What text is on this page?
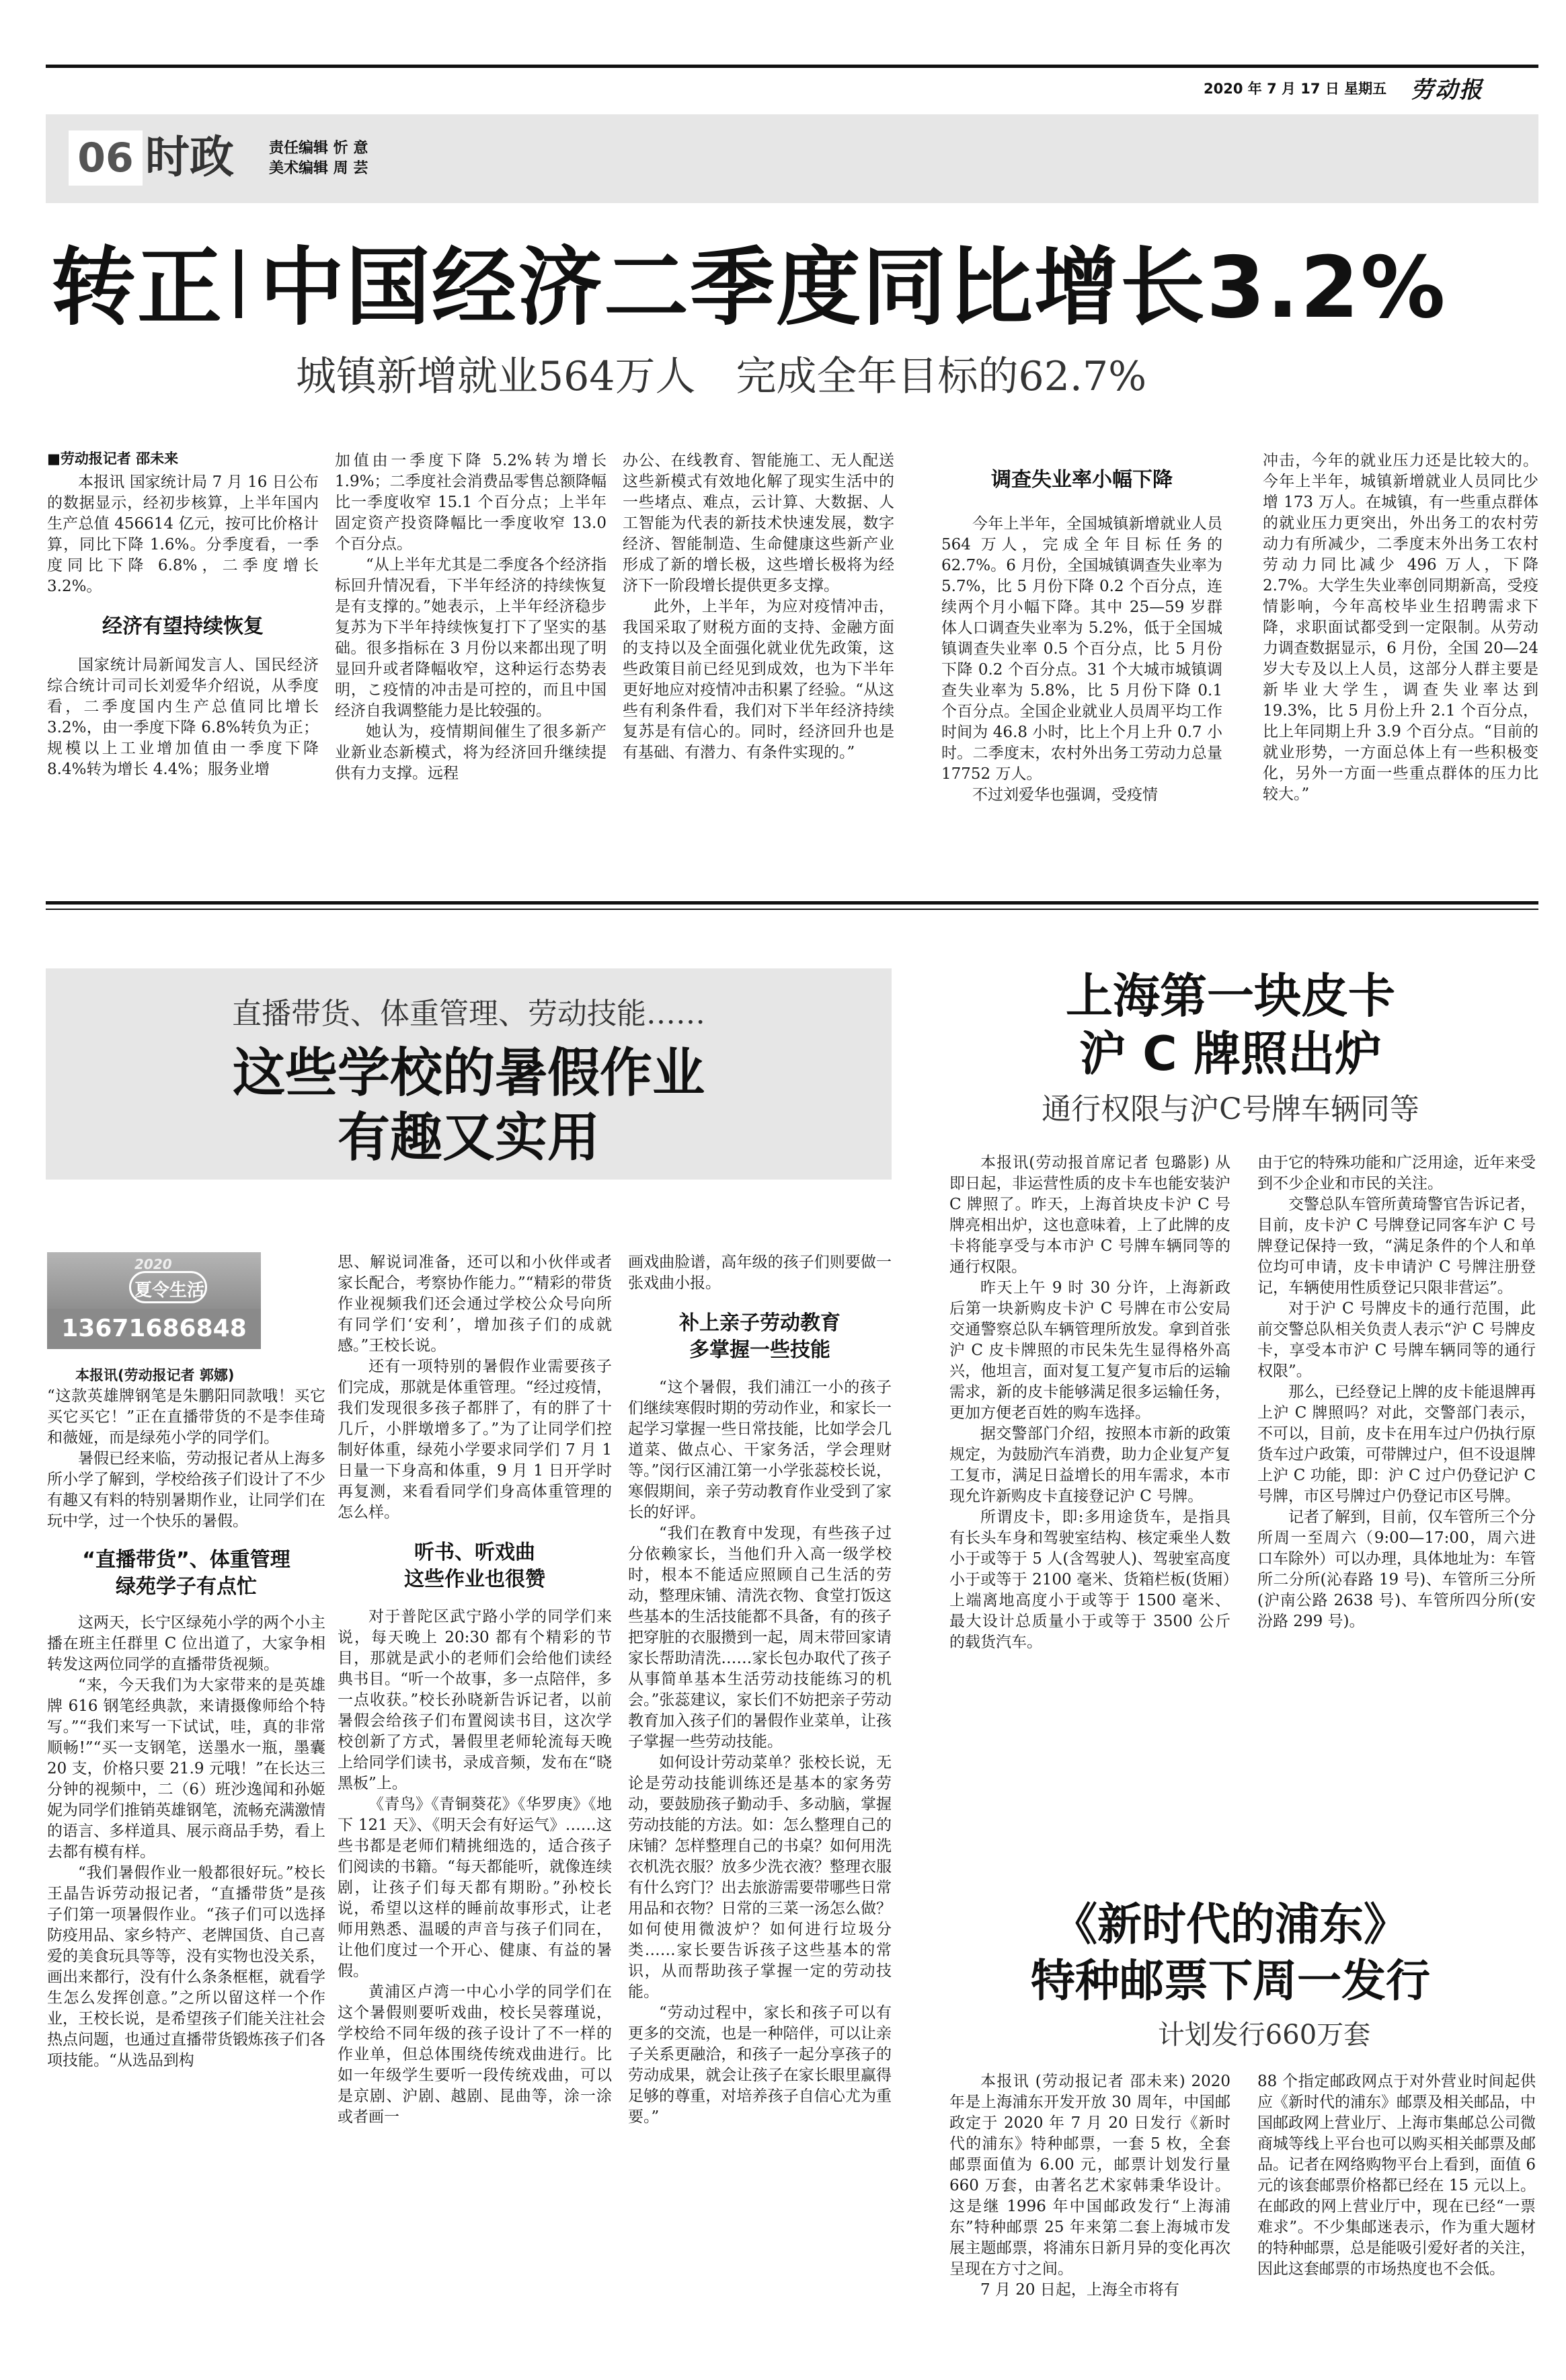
2020 年 7 月 17 日 星期五 劳动报
06 时政 责任编辑 忻 意
美术编辑 周 芸
转正 中国经济二季度同比增长3.2%
城镇新增就业564万人　完成全年目标的62.7%
■劳动报记者 邵未来

本报讯 国家统计局 7 月 16 日公布的数据显示，经初步核算，上半年国内生产总值 456614 亿元，按可比价格计算，同比下降 1.6%。分季度看，一季度同比下降 6.8%，二季度增长 3.2%。

经济有望持续恢复

国家统计局新闻发言人、国民经济综合统计司司长刘爱华介绍说，从季度看，二季度国内生产总值同比增长 3.2%，由一季度下降 6.8%转负为正；规模以上工业增加值由一季度下降 8.4%转为增长 4.4%；服务业增

加值由一季度下降 5.2%转为增长 1.9%；二季度社会消费品零售总额降幅比一季度收窄 15.1 个百分点；上半年固定资产投资降幅比一季度收窄 13.0 个百分点。

“从上半年尤其是二季度各个经济指标回升情况看，下半年经济的持续恢复是有支撑的。”她表示，上半年经济稳步复苏为下半年持续恢复打下了坚实的基础。很多指标在 3 月份以来都出现了明显回升或者降幅收窄，这种运行态势表明，こ疫情的冲击是可控的，而且中国经济自我调整能力是比较强的。

她认为，疫情期间催生了很多新产业新业态新模式，将为经济回升继续提供有力支撑。远程

办公、在线教育、智能施工、无人配送这些新模式有效地化解了现实生活中的一些堵点、难点，云计算、大数据、人工智能为代表的新技术快速发展，数字经济、智能制造、生命健康这些新产业形成了新的增长极，这些增长极将为经济下一阶段增长提供更多支撑。

此外，上半年，为应对疫情冲击，我国采取了财税方面的支持、金融方面的支持以及全面强化就业优先政策，这些政策目前已经见到成效，也为下半年更好地应对疫情冲击积累了经验。“从这些有利条件看，我们对下半年经济持续复苏是有信心的。同时，经济回升也是有基础、有潜力、有条件实现的。”

调查失业率小幅下降

今年上半年，全国城镇新增就业人员 564 万人，完成全年目标任务的 62.7%。6 月份，全国城镇调查失业率为 5.7%，比 5 月份下降 0.2 个百分点，连续两个月小幅下降。其中 25—59 岁群体人口调查失业率为 5.2%，低于全国城镇调查失业率 0.5 个百分点，比 5 月份下降 0.2 个百分点。31 个大城市城镇调查失业率为 5.8%，比 5 月份下降 0.1 个百分点。全国企业就业人员周平均工作时间为 46.8 小时，比上个月上升 0.7 小时。二季度末，农村外出务工劳动力总量 17752 万人。

不过刘爱华也强调，受疫情

冲击，今年的就业压力还是比较大的。今年上半年，城镇新增就业人员同比少增 173 万人。在城镇，有一些重点群体的就业压力更突出，外出务工的农村劳动力有所减少，二季度末外出务工农村劳动力同比减少 496 万人，下降 2.7%。大学生失业率创同期新高，受疫情影响，今年高校毕业生招聘需求下降，求职面试都受到一定限制。从劳动力调查数据显示，6 月份，全国 20—24 岁大专及以上人员，这部分人群主要是新毕业大学生，调查失业率达到 19.3%，比 5 月份上升 2.1 个百分点，比上年同期上升 3.9 个百分点。“目前的就业形势，一方面总体上有一些积极变化，另外一方面一些重点群体的压力比较大。”

直播带货、体重管理、劳动技能……
这些学校的暑假作业
有趣又实用
2020
夏令生活
13671686848
本报讯(劳动报记者 郭娜)

“这款英雄牌钢笔是朱鹏阳同款哦！买它买它买它！”正在直播带货的不是李佳琦和薇娅，而是绿苑小学的同学们。

暑假已经来临，劳动报记者从上海多所小学了解到，学校给孩子们设计了不少有趣又有料的特别暑期作业，让同学们在玩中学，过一个快乐的暑假。

“直播带货”、体重管理
绿苑学子有点忙

这两天，长宁区绿苑小学的两个小主播在班主任群里 C 位出道了，大家争相转发这两位同学的直播带货视频。

“来，今天我们为大家带来的是英雄牌 616 钢笔经典款，来请摄像师给个特写。”“我们来写一下试试，哇，真的非常顺畅!”“买一支钢笔，送墨水一瓶，墨囊 20 支，价格只要 21.9 元哦！”在长达三分钟的视频中，二（6）班沙逸闻和孙姬妮为同学们推销英雄钢笔，流畅充满激情的语言、多样道具、展示商品手势，看上去都有模有样。

“我们暑假作业一般都很好玩。”校长王晶告诉劳动报记者，“直播带货”是孩子们第一项暑假作业。“孩子们可以选择防疫用品、家乡特产、老牌国货、自己喜爱的美食玩具等等，没有实物也没关系，画出来都行，没有什么条条框框，就看学生怎么发挥创意。”之所以留这样一个作业，王校长说，是希望孩子们能关注社会热点问题，也通过直播带货锻炼孩子们各项技能。“从选品到构

思、解说词准备，还可以和小伙伴或者家长配合，考察协作能力。”“精彩的带货作业视频我们还会通过学校公众号向所有同学们‘安利’，增加孩子们的成就感。”王校长说。

还有一项特别的暑假作业需要孩子们完成，那就是体重管理。“经过疫情，我们发现很多孩子都胖了，有的胖了十几斤，小胖墩增多了。”为了让同学们控制好体重，绿苑小学要求同学们 7 月 1 日量一下身高和体重，9 月 1 日开学时再复测，来看看同学们身高体重管理的怎么样。

听书、听戏曲
这些作业也很赞

对于普陀区武宁路小学的同学们来说，每天晚上 20:30 都有个精彩的节目，那就是武小的老师们会给他们读经典书目。“听一个故事，多一点陪伴，多一点收获。”校长孙晓新告诉记者，以前暑假会给孩子们布置阅读书目，这次学校创新了方式，暑假里老师轮流每天晚上给同学们读书，录成音频，发布在“晓黑板”上。

《青鸟》《青铜葵花》《华罗庚》《地下 121 天》、《明天会有好运气》……这些书都是老师们精挑细选的，适合孩子们阅读的书籍。“每天都能听，就像连续剧，让孩子们每天都有期盼。”孙校长说，希望以这样的睡前故事形式，让老师用熟悉、温暖的声音与孩子们同在，让他们度过一个开心、健康、有益的暑假。

黄浦区卢湾一中心小学的同学们在这个暑假则要听戏曲，校长吴蓉瑾说，学校给不同年级的孩子设计了不一样的作业单，但总体围绕传统戏曲进行。比如一年级学生要听一段传统戏曲，可以是京剧、沪剧、越剧、昆曲等，涂一涂或者画一

画戏曲脸谱，高年级的孩子们则要做一张戏曲小报。

补上亲子劳动教育
多掌握一些技能

“这个暑假，我们浦江一小的孩子们继续寒假时期的劳动作业，和家长一起学习掌握一些日常技能，比如学会几道菜、做点心、干家务活，学会理财等。”闵行区浦江第一小学张蕊校长说，寒假期间，亲子劳动教育作业受到了家长的好评。

“我们在教育中发现，有些孩子过分依赖家长，当他们升入高一级学校时，根本不能适应照顾自己生活的劳动，整理床铺、清洗衣物、食堂打饭这些基本的生活技能都不具备，有的孩子把穿脏的衣服攒到一起，周末带回家请家长帮助清洗……家长包办取代了孩子从事简单基本生活劳动技能练习的机会。”张蕊建议，家长们不妨把亲子劳动教育加入孩子们的暑假作业菜单，让孩子掌握一些劳动技能。

如何设计劳动菜单？张校长说，无论是劳动技能训练还是基本的家务劳动，要鼓励孩子勤动手、多动脑，掌握劳动技能的方法。如：怎么整理自己的床铺？怎样整理自己的书桌？如何用洗衣机洗衣服？放多少洗衣液？整理衣服有什么窍门？出去旅游需要带哪些日常用品和衣物？日常的三菜一汤怎么做？如何使用微波炉？如何进行垃圾分类……家长要告诉孩子这些基本的常识，从而帮助孩子掌握一定的劳动技能。

“劳动过程中，家长和孩子可以有更多的交流，也是一种陪伴，可以让亲子关系更融洽，和孩子一起分享孩子的劳动成果，就会让孩子在家长眼里赢得足够的尊重，对培养孩子自信心尤为重要。”

上海第一块皮卡
沪 C 牌照出炉
通行权限与沪C号牌车辆同等

本报讯(劳动报首席记者 包璐影) 从即日起，非运营性质的皮卡车也能安装沪 C 牌照了。昨天，上海首块皮卡沪 C 号牌亮相出炉，这也意味着，上了此牌的皮卡将能享受与本市沪 C 号牌车辆同等的通行权限。

昨天上午 9 时 30 分许，上海新政后第一块新购皮卡沪 C 号牌在市公安局交通警察总队车辆管理所放发。拿到首张沪 C 皮卡牌照的市民朱先生显得格外高兴，他坦言，面对复工复产复市后的运输需求，新的皮卡能够满足很多运输任务，更加方便老百姓的购车选择。

据交警部门介绍，按照本市新的政策规定，为鼓励汽车消费，助力企业复产复工复市，满足日益增长的用车需求，本市现允许新购皮卡直接登记沪 C 号牌。

所谓皮卡，即:多用途货车，是指具有长头车身和驾驶室结构、核定乘坐人数小于或等于 5 人(含驾驶人)、驾驶室高度小于或等于 2100 毫米、货箱栏板(货厢）上端离地高度小于或等于 1500 毫米、最大设计总质量小于或等于 3500 公斤的载货汽车。

由于它的特殊功能和广泛用途，近年来受到不少企业和市民的关注。

交警总队车管所黄琦警官告诉记者，目前，皮卡沪 C 号牌登记同客车沪 C 号牌登记保持一致，“满足条件的个人和单位均可申请，皮卡申请沪 C 号牌注册登记，车辆使用性质登记只限非营运”。

对于沪 C 号牌皮卡的通行范围，此前交警总队相关负责人表示“沪 C 号牌皮卡，享受本市沪 C 号牌车辆同等的通行权限”。

那么，已经登记上牌的皮卡能退牌再上沪 C 牌照吗？对此，交警部门表示，不可以，目前，皮卡在用车过户仍执行原货车过户政策，可带牌过户，但不设退牌上沪 C 功能，即：沪 C 过户仍登记沪 C 号牌，市区号牌过户仍登记市区号牌。

记者了解到，目前，仅车管所三个分所周一至周六（9:00—17:00，周六进口车除外）可以办理，具体地址为：车管所二分所(沁春路 19 号)、车管所三分所(沪南公路 2638 号)、车管所四分所(安汾路 299 号)。

《新时代的浦东》
特种邮票下周一发行
计划发行660万套

本报讯 (劳动报记者 邵未来) 2020 年是上海浦东开发开放 30 周年，中国邮政定于 2020 年 7 月 20 日发行《新时代的浦东》特种邮票，一套 5 枚，全套邮票面值为 6.00 元，邮票计划发行量 660 万套，由著名艺术家韩秉华设计。这是继 1996 年中国邮政发行“上海浦东”特种邮票 25 年来第二套上海城市发展主题邮票，将浦东日新月异的变化再次呈现在方寸之间。

7 月 20 日起，上海全市将有

88 个指定邮政网点于对外营业时间起供应《新时代的浦东》邮票及相关邮品，中国邮政网上营业厅、上海市集邮总公司微商城等线上平台也可以购买相关邮票及邮品。记者在网络购物平台上看到，面值 6 元的该套邮票价格都已经在 15 元以上。在邮政的网上营业厅中，现在已经“一票难求”。不少集邮迷表示，作为重大题材的特种邮票，总是能吸引爱好者的关注，因此这套邮票的市场热度也不会低。
